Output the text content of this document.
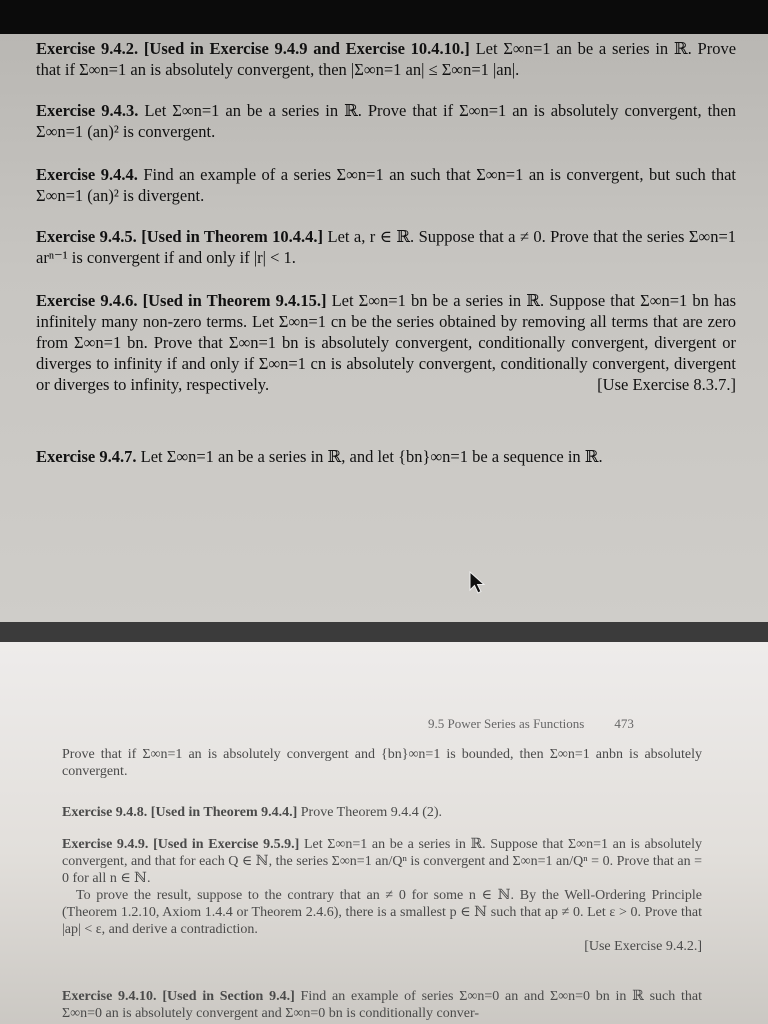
Exercise 9.4.2. [Used in Exercise 9.4.9 and Exercise 10.4.10.] Let Σ∞n=1 an be a series in ℝ. Prove that if Σ∞n=1 an is absolutely convergent, then |Σ∞n=1 an| ≤ Σ∞n=1 |an|.
Exercise 9.4.3. Let Σ∞n=1 an be a series in ℝ. Prove that if Σ∞n=1 an is absolutely convergent, then Σ∞n=1 (an)² is convergent.
Exercise 9.4.4. Find an example of a series Σ∞n=1 an such that Σ∞n=1 an is convergent, but such that Σ∞n=1 (an)² is divergent.
Exercise 9.4.5. [Used in Theorem 10.4.4.] Let a, r ∈ ℝ. Suppose that a ≠ 0. Prove that the series Σ∞n=1 arⁿ⁻¹ is convergent if and only if |r| < 1.
Exercise 9.4.6. [Used in Theorem 9.4.15.] Let Σ∞n=1 bn be a series in ℝ. Suppose that Σ∞n=1 bn has infinitely many non-zero terms. Let Σ∞n=1 cn be the series obtained by removing all terms that are zero from Σ∞n=1 bn. Prove that Σ∞n=1 bn is absolutely convergent, conditionally convergent, divergent or diverges to infinity if and only if Σ∞n=1 cn is absolutely convergent, conditionally convergent, divergent or diverges to infinity, respectively.	[Use Exercise 8.3.7.]
Exercise 9.4.7. Let Σ∞n=1 an be a series in ℝ, and let {bn}∞n=1 be a sequence in ℝ.
9.5 Power Series as Functions 473
Prove that if Σ∞n=1 an is absolutely convergent and {bn}∞n=1 is bounded, then Σ∞n=1 anbn is absolutely convergent.
Exercise 9.4.8. [Used in Theorem 9.4.4.] Prove Theorem 9.4.4 (2).
Exercise 9.4.9. [Used in Exercise 9.5.9.] Let Σ∞n=1 an be a series in ℝ. Suppose that Σ∞n=1 an is absolutely convergent, and that for each Q ∈ ℕ, the series Σ∞n=1 an/Qⁿ is convergent and Σ∞n=1 an/Qⁿ = 0. Prove that an = 0 for all n ∈ ℕ.
To prove the result, suppose to the contrary that an ≠ 0 for some n ∈ ℕ. By the Well-Ordering Principle (Theorem 1.2.10, Axiom 1.4.4 or Theorem 2.4.6), there is a smallest p ∈ ℕ such that ap ≠ 0. Let ε > 0. Prove that |ap| < ε, and derive a contradiction.
[Use Exercise 9.4.2.]
Exercise 9.4.10. [Used in Section 9.4.] Find an example of series Σ∞n=0 an and Σ∞n=0 bn in ℝ such that Σ∞n=0 an is absolutely convergent and Σ∞n=0 bn is conditionally conver-
